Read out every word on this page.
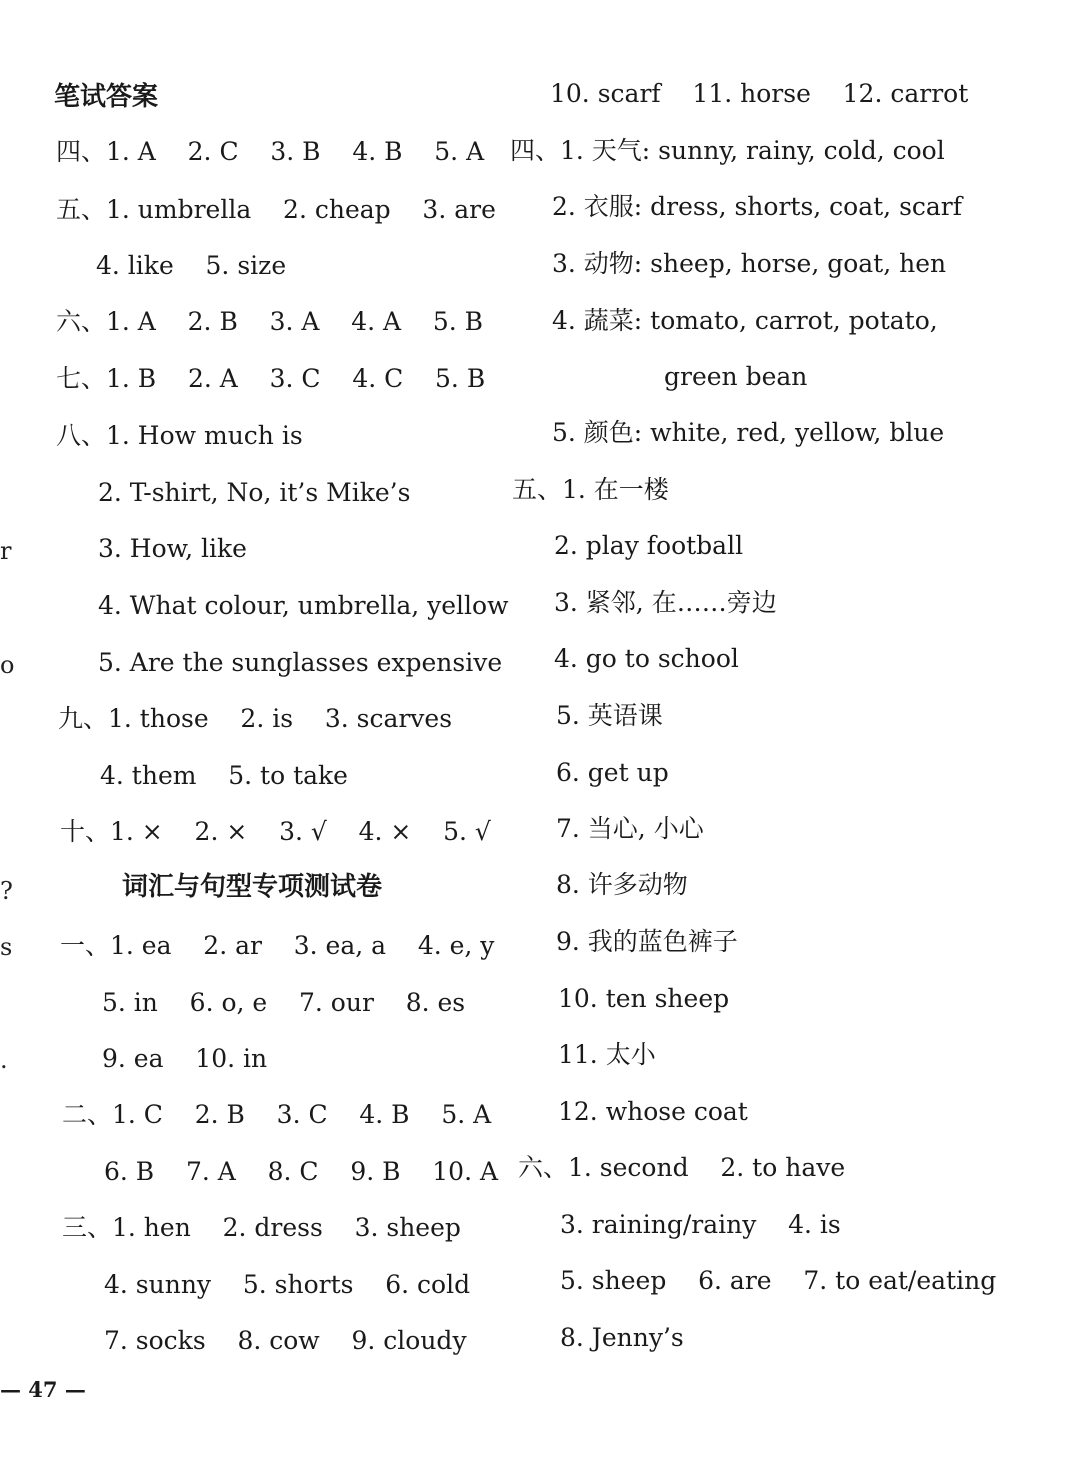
笔试答案
四、1. A    2. C    3. B    4. B    5. A
五、1. umbrella    2. cheap    3. are
4. like    5. size
六、1. A    2. B    3. A    4. A    5. B
七、1. B    2. A    3. C    4. C    5. B
八、1. How much is
2. T-shirt, No, it’s Mike’s
3. How, like
4. What colour, umbrella, yellow
5. Are the sunglasses expensive
九、1. those    2. is    3. scarves
4. them    5. to take
十、1. ×    2. ×    3. √    4. ×    5. √
词汇与句型专项测试卷
一、1. ea    2. ar    3. ea, a    4. e, y
5. in    6. o, e    7. our    8. es
9. ea    10. in
二、1. C    2. B    3. C    4. B    5. A
6. B    7. A    8. C    9. B    10. A
三、1. hen    2. dress    3. sheep
4. sunny    5. shorts    6. cold
7. socks    8. cow    9. cloudy
10. scarf    11. horse    12. carrot
四、1. 天气: sunny, rainy, cold, cool
2. 衣服: dress, shorts, coat, scarf
3. 动物: sheep, horse, goat, hen
4. 蔬菜: tomato, carrot, potato,
green bean
5. 颜色: white, red, yellow, blue
五、1. 在一楼
2. play football
3. 紧邻, 在……旁边
4. go to school
5. 英语课
6. get up
7. 当心, 小心
8. 许多动物
9. 我的蓝色裤子
10. ten sheep
11. 太小
12. whose coat
六、1. second    2. to have
3. raining/rainy    4. is
5. sheep    6. are    7. to eat/eating
8. Jenny’s
r
o
?
s
.
— 47 —
